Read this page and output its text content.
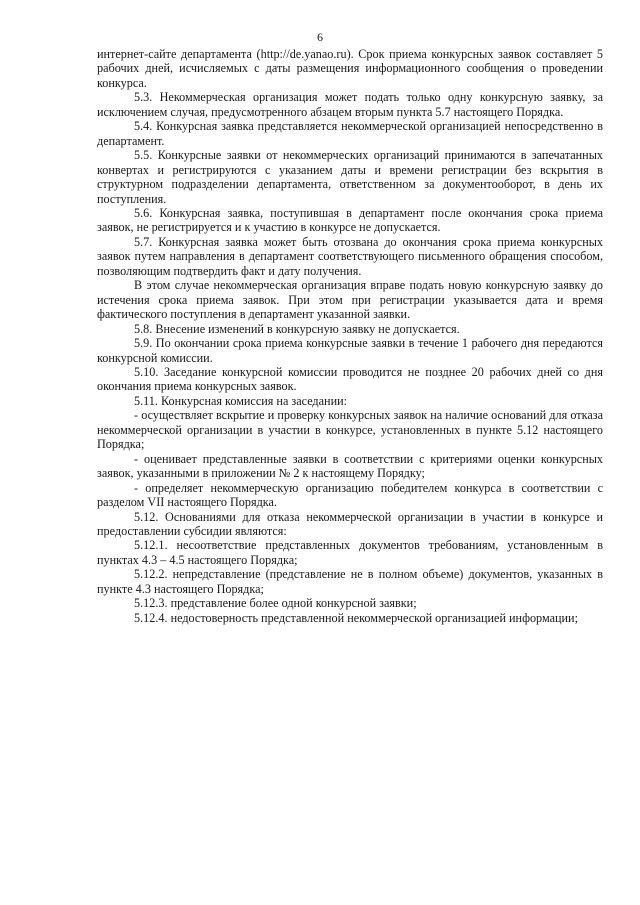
6

интернет-сайте департамента (http://de.yanao.ru). Срок приема конкурсных заявок составляет 5 рабочих дней, исчисляемых с даты размещения информационного сообщения о проведении конкурса.

5.3. Некоммерческая организация может подать только одну конкурсную заявку, за исключением случая, предусмотренного абзацем вторым пункта 5.7 настоящего Порядка.

5.4. Конкурсная заявка представляется некоммерческой организацией непосредственно в департамент.

5.5. Конкурсные заявки от некоммерческих организаций принимаются в запечатанных конвертах и регистрируются с указанием даты и времени регистрации без вскрытия в структурном подразделении департамента, ответственном за документооборот, в день их поступления.

5.6. Конкурсная заявка, поступившая в департамент после окончания срока приема заявок, не регистрируется и к участию в конкурсе не допускается.

5.7. Конкурсная заявка может быть отозвана до окончания срока приема конкурсных заявок путем направления в департамент соответствующего письменного обращения способом, позволяющим подтвердить факт и дату получения.

В этом случае некоммерческая организация вправе подать новую конкурсную заявку до истечения срока приема заявок. При этом при регистрации указывается дата и время фактического поступления в департамент указанной заявки.

5.8. Внесение изменений в конкурсную заявку не допускается.

5.9. По окончании срока приема конкурсные заявки в течение 1 рабочего дня передаются конкурсной комиссии.

5.10. Заседание конкурсной комиссии проводится не позднее 20 рабочих дней со дня окончания приема конкурсных заявок.

5.11. Конкурсная комиссия на заседании:

- осуществляет вскрытие и проверку конкурсных заявок на наличие оснований для отказа некоммерческой организации в участии в конкурсе, установленных в пункте 5.12 настоящего Порядка;

- оценивает представленные заявки в соответствии с критериями оценки конкурсных заявок, указанными в приложении № 2 к настоящему Порядку;

- определяет некоммерческую организацию победителем конкурса в соответствии с разделом VII настоящего Порядка.

5.12. Основаниями для отказа некоммерческой организации в участии в конкурсе и предоставлении субсидии являются:

5.12.1. несоответствие представленных документов требованиям, установленным в пунктах 4.3 – 4.5 настоящего Порядка;

5.12.2. непредставление (представление не в полном объеме) документов, указанных в пункте 4.3 настоящего Порядка;

5.12.3. представление более одной конкурсной заявки;

5.12.4. недостоверность представленной некоммерческой организацией информации;
